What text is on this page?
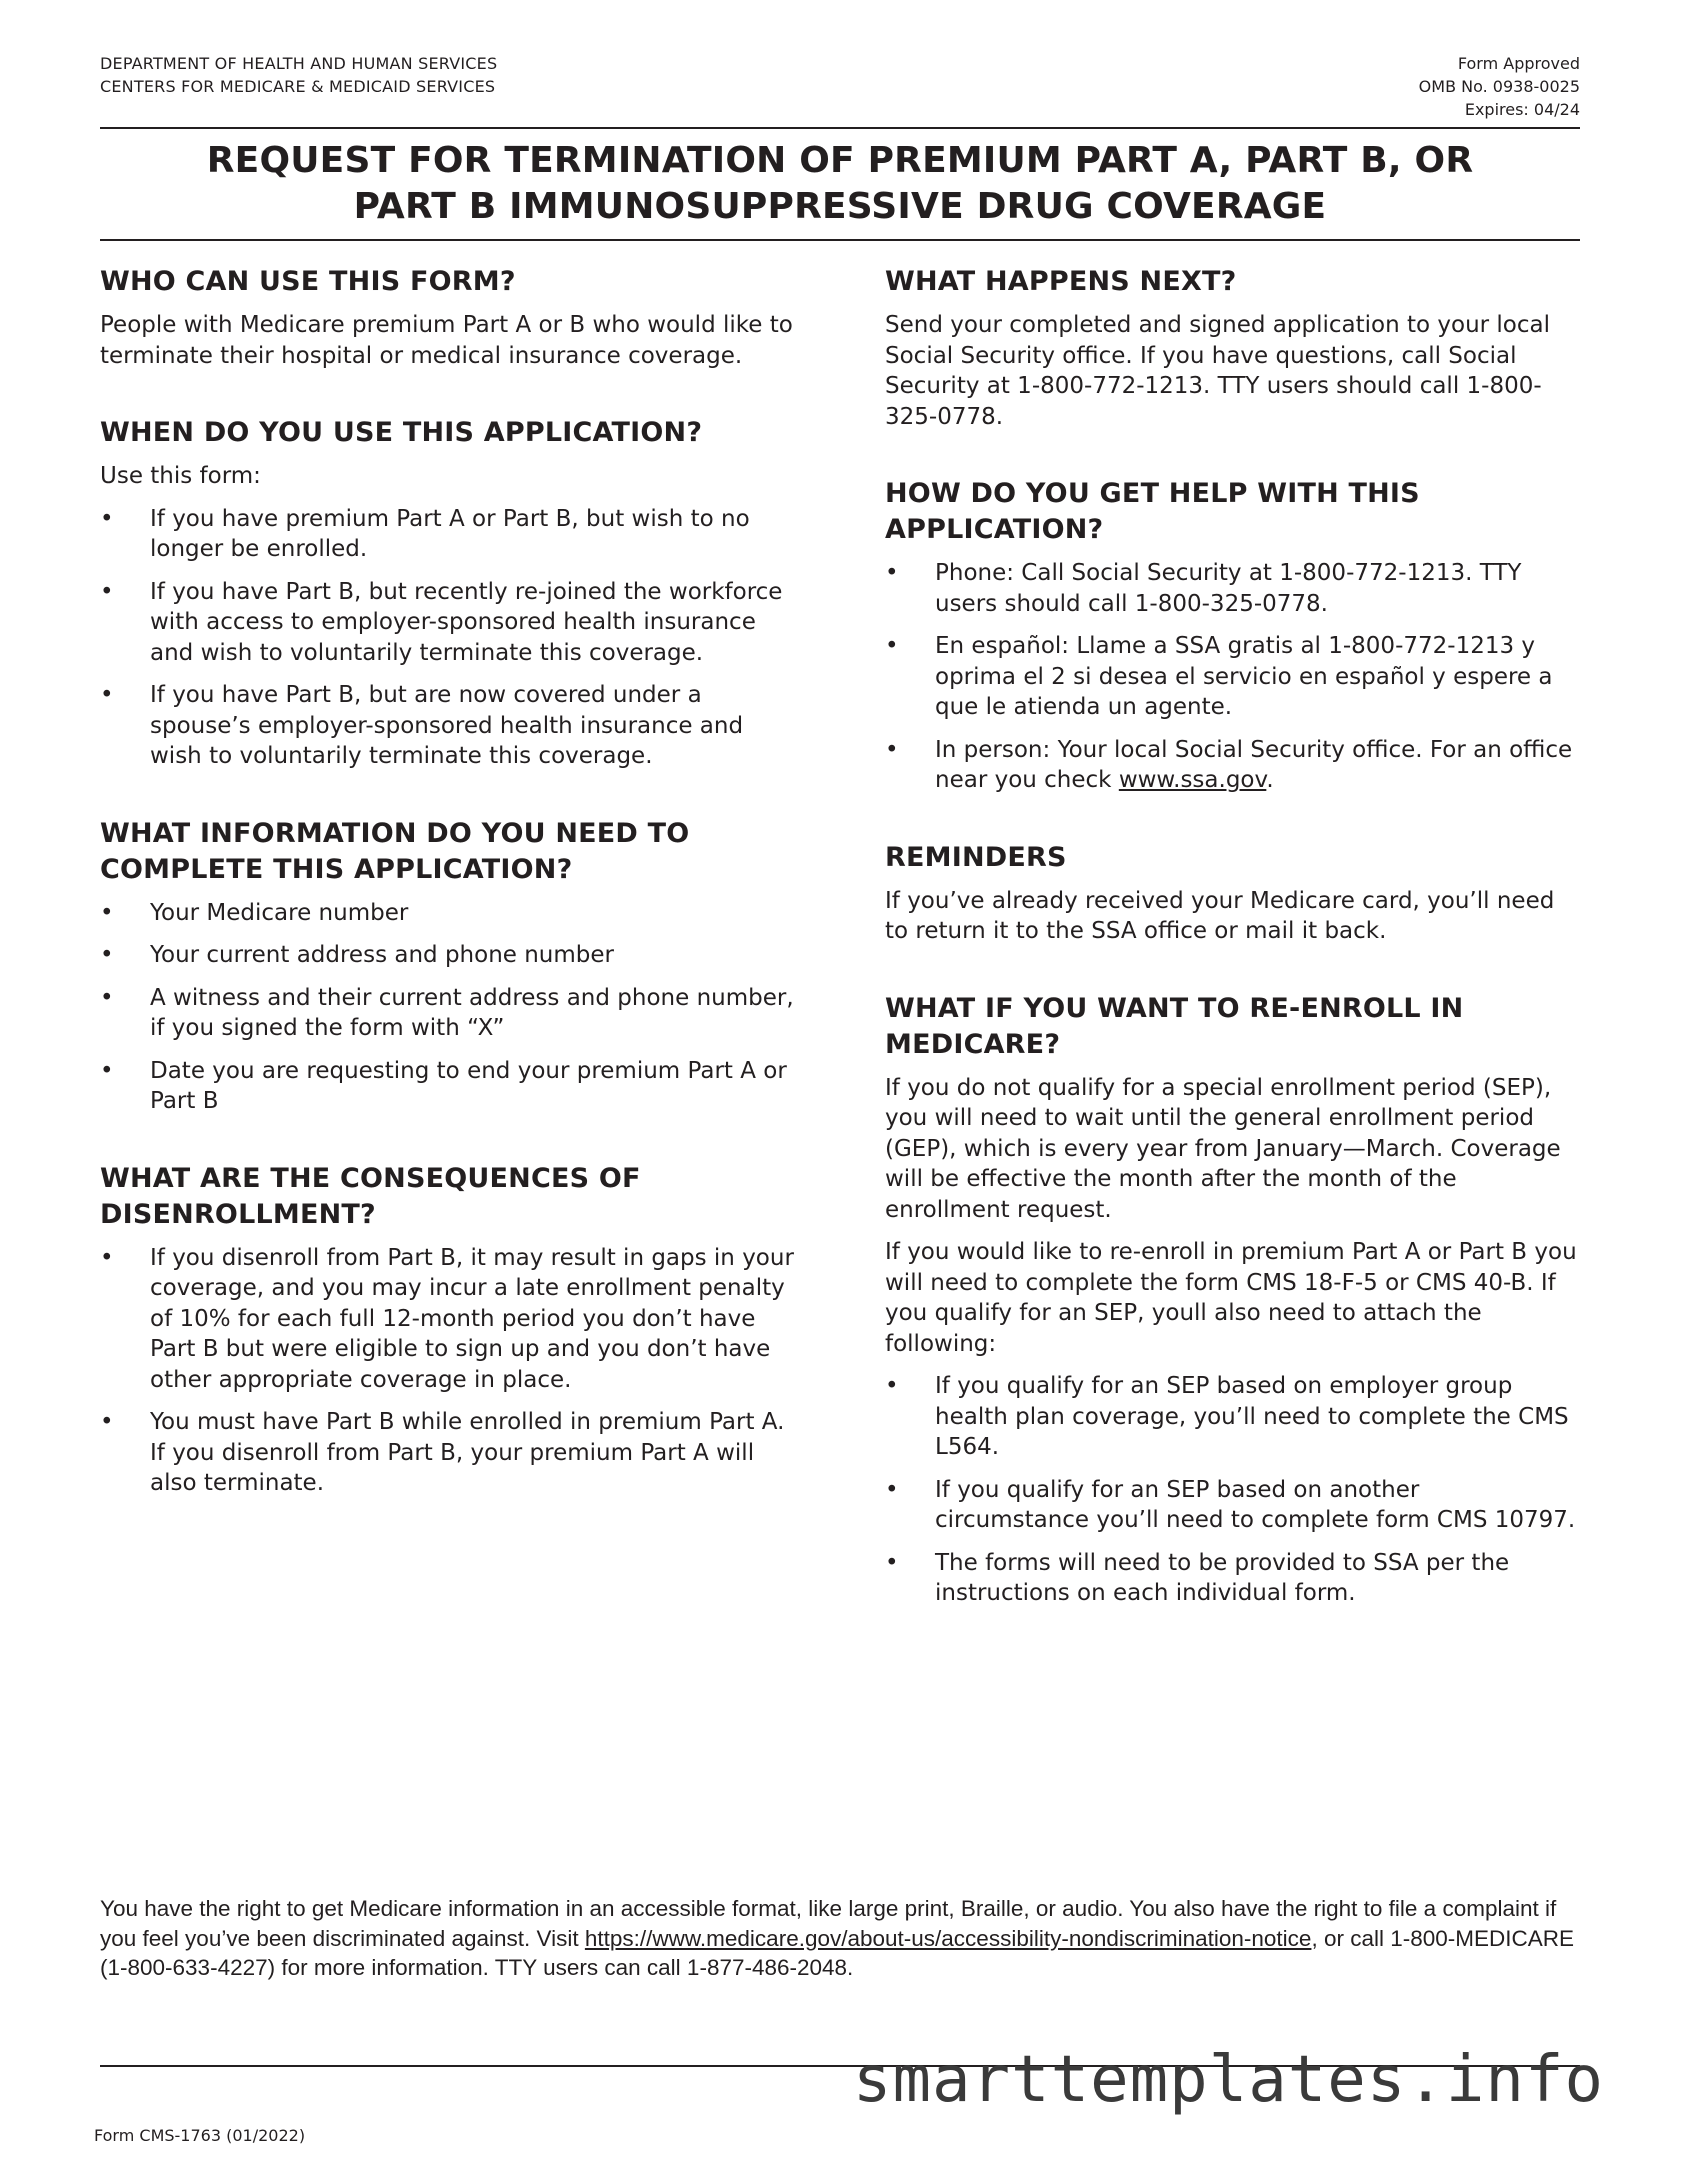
DEPARTMENT OF HEALTH AND HUMAN SERVICES
CENTERS FOR MEDICARE & MEDICAID SERVICES
Form Approved
OMB No. 0938-0025
Expires: 04/24
REQUEST FOR TERMINATION OF PREMIUM PART A, PART B, OR
PART B IMMUNOSUPPRESSIVE DRUG COVERAGE
WHO CAN USE THIS FORM?

People with Medicare premium Part A or B who would like to terminate their hospital or medical insurance coverage.

WHEN DO YOU USE THIS APPLICATION?

Use this form:

• If you have premium Part A or Part B, but wish to no longer be enrolled.
• If you have Part B, but recently re-joined the workforce with access to employer-sponsored health insurance and wish to voluntarily terminate this coverage.
• If you have Part B, but are now covered under a spouse’s employer-sponsored health insurance and wish to voluntarily terminate this coverage.
WHAT INFORMATION DO YOU NEED TO COMPLETE THIS APPLICATION?
• Your Medicare number
• Your current address and phone number
• A witness and their current address and phone number, if you signed the form with “X”
• Date you are requesting to end your premium Part A or Part B
WHAT ARE THE CONSEQUENCES OF DISENROLLMENT?
• If you disenroll from Part B, it may result in gaps in your coverage, and you may incur a late enrollment penalty of 10% for each full 12-month period you don’t have Part B but were eligible to sign up and you don’t have other appropriate coverage in place.
• You must have Part B while enrolled in premium Part A. If you disenroll from Part B, your premium Part A will also terminate.
WHAT HAPPENS NEXT?

Send your completed and signed application to your local Social Security office. If you have questions, call Social Security at 1-800-772-1213. TTY users should call 1-800-325-0778.

HOW DO YOU GET HELP WITH THIS APPLICATION?
• Phone: Call Social Security at 1-800-772-1213. TTY users should call 1-800-325-0778.
• En español: Llame a SSA gratis al 1-800-772-1213 y oprima el 2 si desea el servicio en español y espere a que le atienda un agente.
• In person: Your local Social Security office. For an office near you check www.ssa.gov.
REMINDERS

If you’ve already received your Medicare card, you’ll need to return it to the SSA office or mail it back.

WHAT IF YOU WANT TO RE-ENROLL IN MEDICARE?

If you do not qualify for a special enrollment period (SEP), you will need to wait until the general enrollment period (GEP), which is every year from January—March. Coverage will be effective the month after the month of the enrollment request.

If you would like to re-enroll in premium Part A or Part B you will need to complete the form CMS 18-F-5 or CMS 40-B. If you qualify for an SEP, youll also need to attach the following:

• If you qualify for an SEP based on employer group health plan coverage, you’ll need to complete the CMS L564.
• If you qualify for an SEP based on another circumstance you’ll need to complete form CMS 10797.
• The forms will need to be provided to SSA per the instructions on each individual form.
You have the right to get Medicare information in an accessible format, like large print, Braille, or audio. You also have the right to file a complaint if you feel you’ve been discriminated against. Visit https://www.medicare.gov/about-us/accessibility-nondiscrimination-notice, or call 1-800-MEDICARE (1-800-633-4227) for more information. TTY users can call 1-877-486-2048.
Form CMS-1763 (01/2022)
smarttemplates.info
